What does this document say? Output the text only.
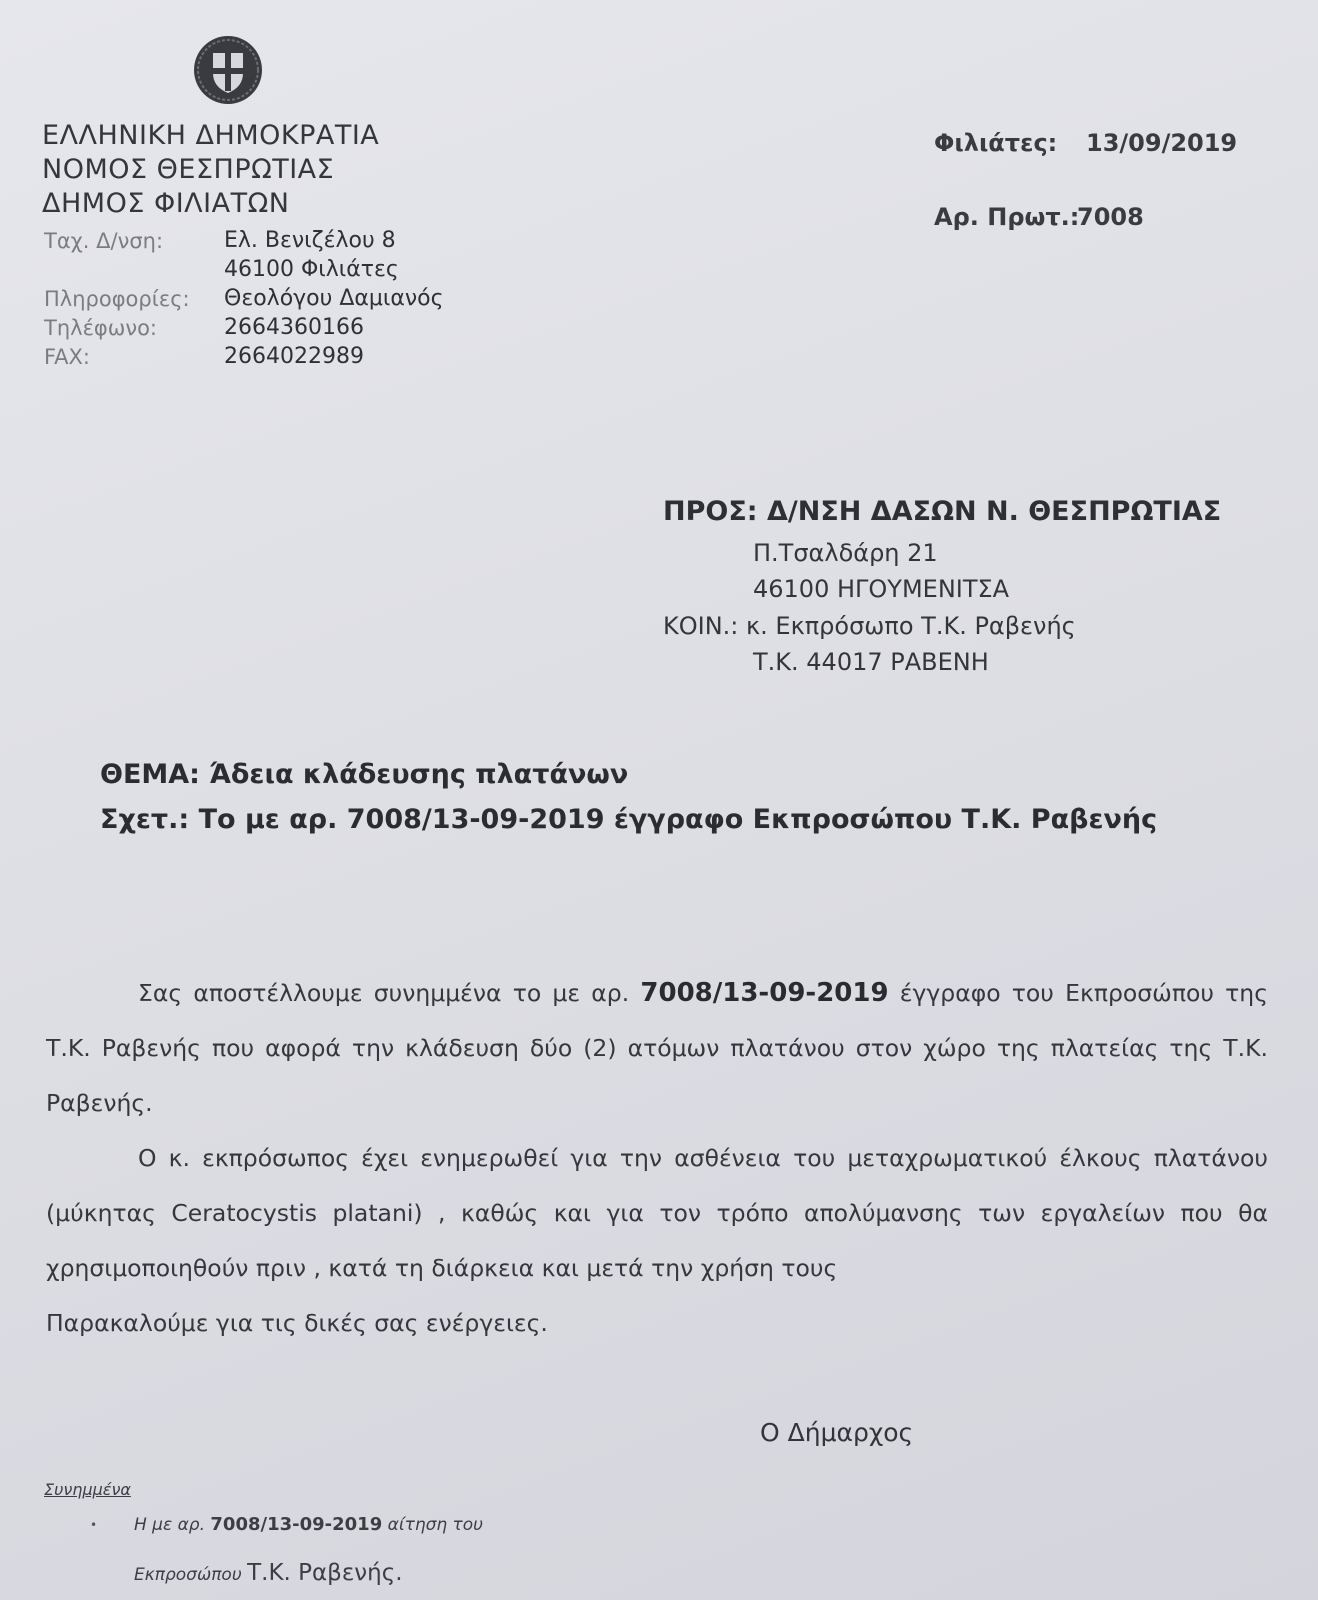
ΕΛΛΗΝΙΚΗ ΔΗΜΟΚΡΑΤΙΑ
ΝΟΜΟΣ ΘΕΣΠΡΩΤΙΑΣ
ΔΗΜΟΣ ΦΙΛΙΑΤΩΝ
Ταχ. Δ/νση:	Ελ. Βενιζέλου 8
46100 Φιλιάτες
Πληροφορίες: Θεολόγου Δαμιανός
Τηλέφωνο:	2664360166
FAX:	2664022989
Φιλιάτες: 13/09/2019
Αρ. Πρωτ.:
7008
ΠΡΟΣ: Δ/ΝΣΗ ΔΑΣΩΝ Ν. ΘΕΣΠΡΩΤΙΑΣ
Π.Τσαλδάρη 21
46100 ΗΓΟΥΜΕΝΙΤΣΑ
ΚΟΙΝ.: κ. Εκπρόσωπο Τ.Κ. Ραβενής
Τ.Κ. 44017 ΡΑΒΕΝΗ
ΘΕΜΑ: Άδεια κλάδευσης πλατάνων
Σχετ.: Το με αρ. 7008/13-09-2019 έγγραφο Εκπροσώπου Τ.Κ. Ραβενής

Σας αποστέλλουμε συνημμένα το με αρ. 7008/13-09-2019 έγγραφο του Εκπροσώπου της Τ.Κ. Ραβενής που αφορά την κλάδευση δύο (2) ατόμων πλατάνου στον χώρο της πλατείας της Τ.Κ. Ραβενής.

Ο κ. εκπρόσωπος έχει ενημερωθεί για την ασθένεια του μεταχρωματικού έλκους πλατάνου (μύκητας Ceratocystis platani) , καθώς και για τον τρόπο απολύμανσης των εργαλείων που θα χρησιμοποιηθούν πριν , κατά τη διάρκεια και μετά την χρήση τους

Παρακαλούμε για τις δικές σας ενέργειες.

Ο Δήμαρχος
Συνημμένα
• Η με αρ. 7008/13-09-2019 αίτηση του
Εκπροσώπου Τ.Κ. Ραβενής.
